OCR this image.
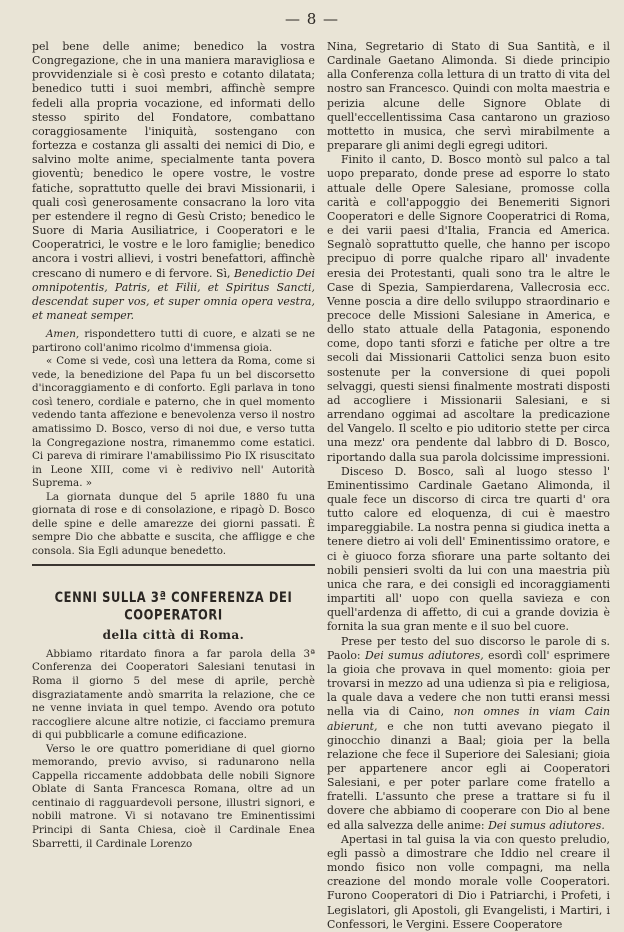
— 8 —

pel bene delle anime; benedico la vostra Congregazione, che in una maniera maravigliosa e provvidenziale si è così presto e cotanto dilatata; benedico tutti i suoi membri, affinchè sempre fedeli alla propria vocazione, ed informati dello stesso spirito del Fondatore, combattano coraggiosamente l'iniquità, sostengano con fortezza e costanza gli assalti dei nemici di Dio, e salvino molte anime, specialmente tanta povera gioventù; benedico le opere vostre, le vostre fatiche, soprattutto quelle dei bravi Missionarii, i quali così generosamente consacrano la loro vita per estendere il regno di Gesù Cristo; benedico le Suore di Maria Ausiliatrice, i Cooperatori e le Cooperatrici, le vostre e le loro famiglie; benedico ancora i vostri allievi, i vostri benefattori, affinchè crescano di numero e di fervore. Sì, Benedictio Dei omnipotentis, Patris, et Filii, et Spiritus Sancti, descendat super vos, et super omnia opera vestra, et maneat semper.

Amen, rispondettero tutti di cuore, e alzati se ne partirono coll'animo ricolmo d'immensa gioia.

« Come si vede, così una lettera da Roma, come si vede, la benedizione del Papa fu un bel discorsetto d'incoraggiamento e di conforto. Egli parlava in tono così tenero, cordiale e paterno, che in quel momento vedendo tanta affezione e benevolenza verso il nostro amatissimo D. Bosco, verso di noi due, e verso tutta la Congregazione nostra, rimanemmo come estatici. Ci pareva di rimirare l'amabilissimo Pio IX risuscitato in Leone XIII, come vi è redivivo nell' Autorità Suprema. »

La giornata dunque del 5 aprile 1880 fu una giornata di rose e di consolazione, e ripagò D. Bosco delle spine e delle amarezze dei giorni passati. È sempre Dio che abbatte e suscita, che affligge e che consola. Sia Egli adunque benedetto.

CENNI SULLA 3ª CONFERENZA DEI COOPERATORI
della città di Roma.

Abbiamo ritardato finora a far parola della 3ª Conferenza dei Cooperatori Salesiani tenutasi in Roma il giorno 5 del mese di aprile, perchè disgraziatamente andò smarrita la relazione, che ce ne venne inviata in quel tempo. Avendo ora potuto raccogliere alcune altre notizie, ci facciamo premura di qui pubblicarle a comune edificazione.

Verso le ore quattro pomeridiane di quel giorno memorando, previo avviso, si radunarono nella Cappella riccamente addobbata delle nobili Signore Oblate di Santa Francesca Romana, oltre ad un centinaio di ragguardevoli persone, illustri signori, e nobili matrone. Vi si notavano tre Eminentissimi Principi di Santa Chiesa, cioè il Cardinale Enea Sbarretti, il Cardinale Lorenzo

Nina, Segretario di Stato di Sua Santità, e il Cardinale Gaetano Alimonda. Si diede principio alla Conferenza colla lettura di un tratto di vita del nostro san Francesco. Quindi con molta maestria e perizia alcune delle Signore Oblate di quell'eccellentissima Casa cantarono un grazioso mottetto in musica, che servì mirabilmente a preparare gli animi degli egregi uditori.

Finito il canto, D. Bosco montò sul palco a tal uopo preparato, donde prese ad esporre lo stato attuale delle Opere Salesiane, promosse colla carità e coll'appoggio dei Benemeriti Signori Cooperatori e delle Signore Cooperatrici di Roma, e dei varii paesi d'Italia, Francia ed America. Segnalò soprattutto quelle, che hanno per iscopo precipuo di porre qualche riparo all' invadente eresia dei Protestanti, quali sono tra le altre le Case di Spezia, Sampierdarena, Vallecrosia ecc. Venne poscia a dire dello sviluppo straordinario e precoce delle Missioni Salesiane in America, e dello stato attuale della Patagonia, esponendo come, dopo tanti sforzi e fatiche per oltre a tre secoli dai Missionarii Cattolici senza buon esito sostenute per la conversione di quei popoli selvaggi, questi siensi finalmente mostrati disposti ad accogliere i Missionarii Salesiani, e si arrendano oggimai ad ascoltare la predicazione del Vangelo. Il scelto e pio uditorio stette per circa una mezz' ora pendente dal labbro di D. Bosco, riportando dalla sua parola dolcissime impressioni.

Disceso D. Bosco, salì al luogo stesso l' Eminentissimo Cardinale Gaetano Alimonda, il quale fece un discorso di circa tre quarti d' ora tutto calore ed eloquenza, di cui è maestro impareggiabile. La nostra penna si giudica inetta a tenere dietro ai voli dell' Eminentissimo oratore, e ci è giuoco forza sfiorare una parte soltanto dei nobili pensieri svolti da lui con una maestria più unica che rara, e dei consigli ed incoraggiamenti impartiti all' uopo con quella savieza e con quell'ardenza di affetto, di cui a grande dovizia è fornita la sua gran mente e il suo bel cuore.

Prese per testo del suo discorso le parole di s. Paolo: Dei sumus adiutores, esordì coll' esprimere la gioia che provava in quel momento: gioia per trovarsi in mezzo ad una udienza sì pia e religiosa, la quale dava a vedere che non tutti eransi messi nella via di Caino, non omnes in viam Cain abierunt, e che non tutti avevano piegato il ginocchio dinanzi a Baal; gioia per la bella relazione che fece il Superiore dei Salesiani; gioia per appartenere ancor egli ai Cooperatori Salesiani, e per poter parlare come fratello a fratelli. L'assunto che prese a trattare si fu il dovere che abbiamo di cooperare con Dio al bene ed alla salvezza delle anime: Dei sumus adiutores.

Apertasi in tal guisa la via con questo preludio, egli passò a dimostrare che Iddio nel creare il mondo fisico non volle compagni, ma nella creazione del mondo morale volle Cooperatori. Furono Cooperatori di Dio i Patriarchi, i Profeti, i Legislatori, gli Apostoli, gli Evangelisti, i Martiri, i Confessori, le Vergini. Essere Cooperatore
